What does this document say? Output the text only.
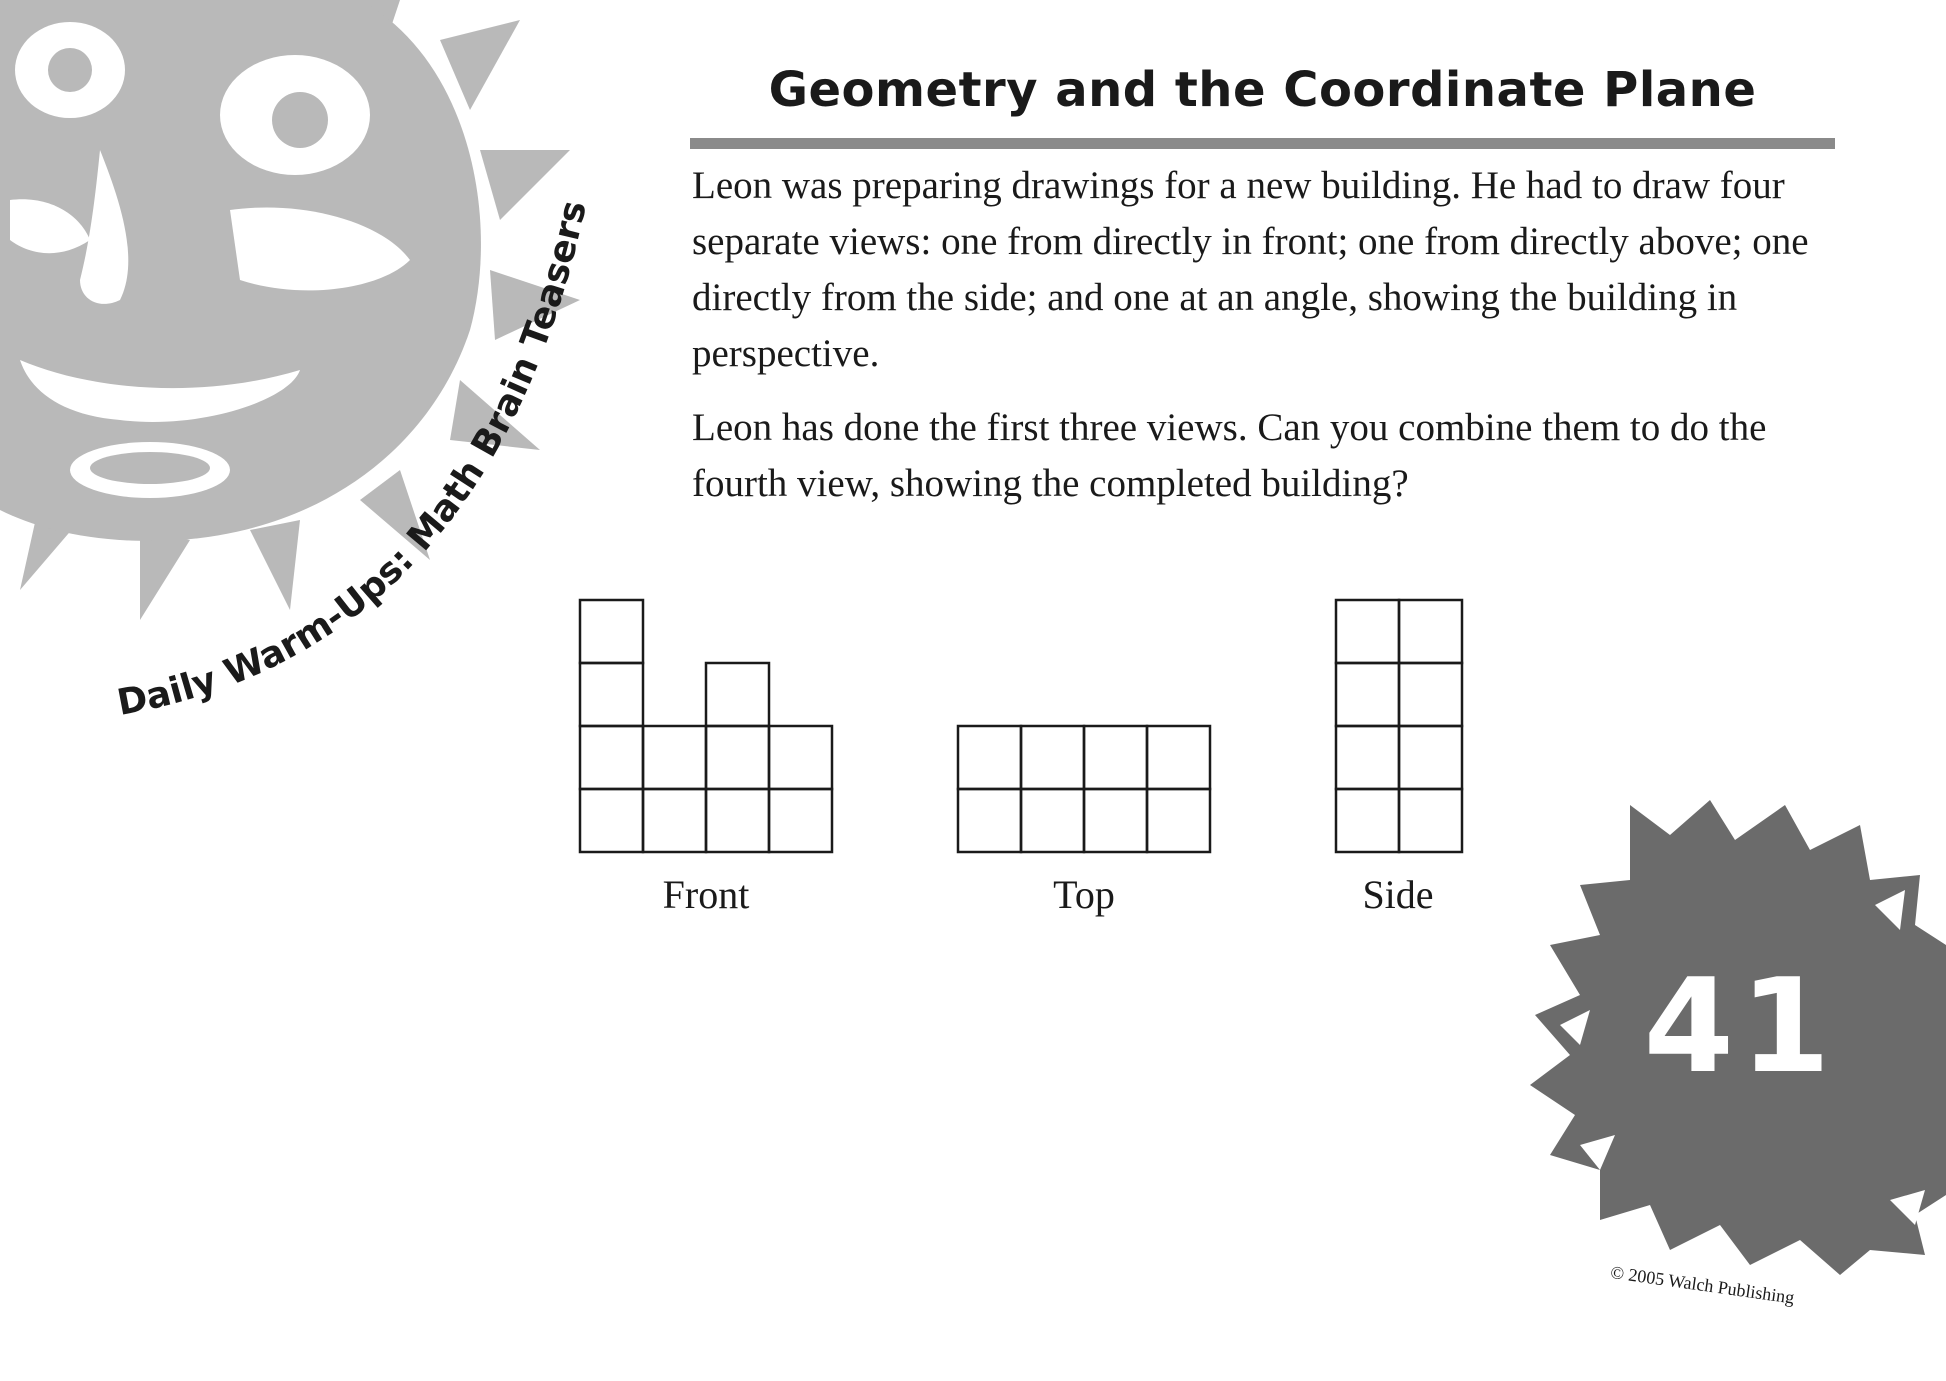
Daily Warm-Ups: Math Brain Teasers
Geometry and the Coordinate Plane

Leon was preparing drawings for a new building. He had to draw four separate views: one from directly in front; one from directly above; one directly from the side; and one at an angle, showing the building in perspective.

Leon has done the first three views. Can you combine them to do the fourth view, showing the completed building?

Front	Top	Side
41
© 2005 Walch Publishing
